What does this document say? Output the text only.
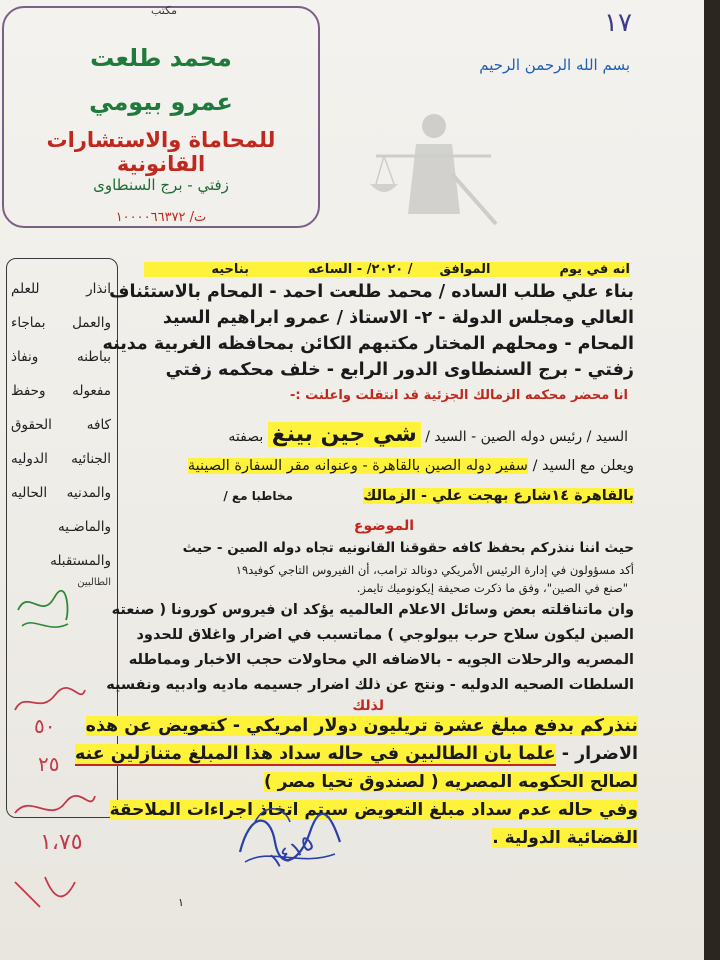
مكتب
محمد طلعت
عمرو بيومي
للمحاماة والاستشارات القانونية
زفتي - برج السنطاوى
ت/ ١٠٠٠٠٦٦٣٧٢
بسم الله الرحمن الرحيم
١٧
انذار للعلم
والعمل بماجاء
بباطنه ونفاذ
مفعوله وحفظ
كافه الحقوق
الجنائيه الدوليه
والمدنيه الحاليه
والماضـيه
والمستقبله
الطالبين
انه في يوم  الموافق  / ٢٠٢٠/ - الساعه  بناحيه
بناء علي طلب الساده / محمد طلعت احمد - المحام بالاستئناف
العالي ومجلس الدولة - ٢- الاستاذ / عمرو ابراهيم السيد
المحام - ومحلهم المختار مكتبهم الكائن بمحافظه الغربية مدينه
زفتي - برج السنطاوى الدور الرابع - خلف محكمه زفتي
انا محضر محكمه الزمالك الجزئية قد انتقلت واعلنت :-
السيد / رئيس دوله الصين - السيد / شي جين بينغ بصفته
ويعلن مع السيد / سفير دوله الصين بالقاهرة - وعنوانه مقر السفارة الصينية
بالقاهرة ١٤شارع بهجت علي - الزمالك  مخاطبا مع /
الموضوع
حيث اننا ننذركم بحفظ كافه حقوقنا القانونيه تجاه دوله الصين - حيث
أكد مسؤولون في إدارة الرئيس الأمريكي دونالد ترامب، أن الفيروس التاجي كوفيد١٩
"صنع في الصين"، وفق ما ذكرت صحيفة إيكونوميك تايمز.
وان ماتناقلته بعض وسائل الاعلام العالميه يؤكد ان فيروس كورونا ( صنعته
الصين ليكون سلاح حرب بيولوجي ) مماتسبب في اضرار واغلاق للحدود
المصريه والرحلات الجويه - بالاضافه الي محاولات حجب الاخبار ومماطله
السلطات الصحيه الدوليه - ونتج عن ذلك اضرار جسيمه ماديه وادبيه ونفسيه
لذلك
ننذركم بدفع مبلغ عشرة تريليون دولار امريكي - كتعويض عن هذه
الاضرار - علما بان الطالبين في حاله سداد هذا المبلغ متنازلين عنه
لصالح الحكومه المصريه ( لصندوق تحيا مصر )
وفي حاله عدم سداد مبلغ التعويض سيتم اتخاذ اجراءات الملاحقة
القضائية الدولية .
١٤١٥
١
٥٠
٢٥
١،٧٥
